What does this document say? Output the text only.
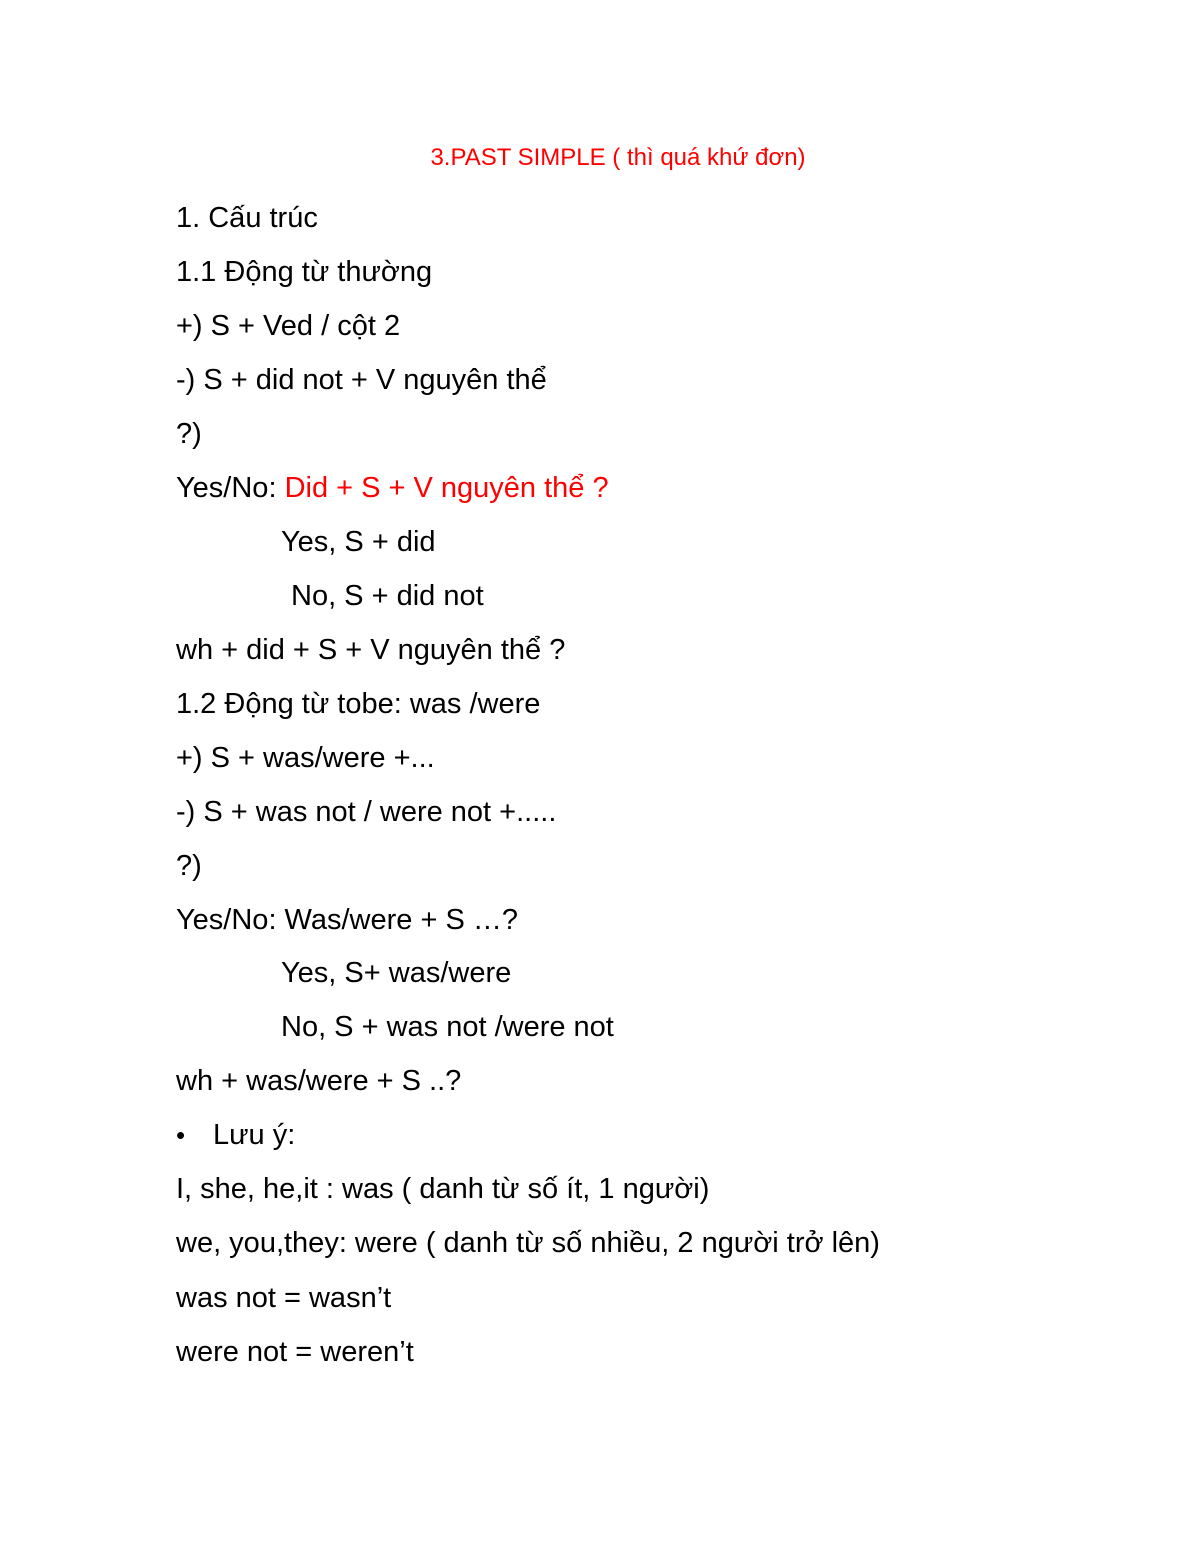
3.PAST SIMPLE ( thì quá khứ đơn)
1. Cấu trúc
1.1 Động từ thường
+) S + Ved / cột 2
-) S + did not + V nguyên thể
?)
Yes/No: Did + S + V nguyên thể ?
Yes, S + did
No, S + did not
wh + did + S + V nguyên thể ?
1.2 Động từ tobe: was /were
+) S + was/were +...
-) S + was not / were not +.....
?)
Yes/No: Was/were + S …?
Yes, S+ was/were
No, S + was not /were not
wh + was/were + S ..?
• Lưu ý:
I, she, he,it : was ( danh từ số ít, 1 người)
we, you,they: were ( danh từ số nhiều, 2 người trở lên)
was not = wasn’t
were not = weren’t
